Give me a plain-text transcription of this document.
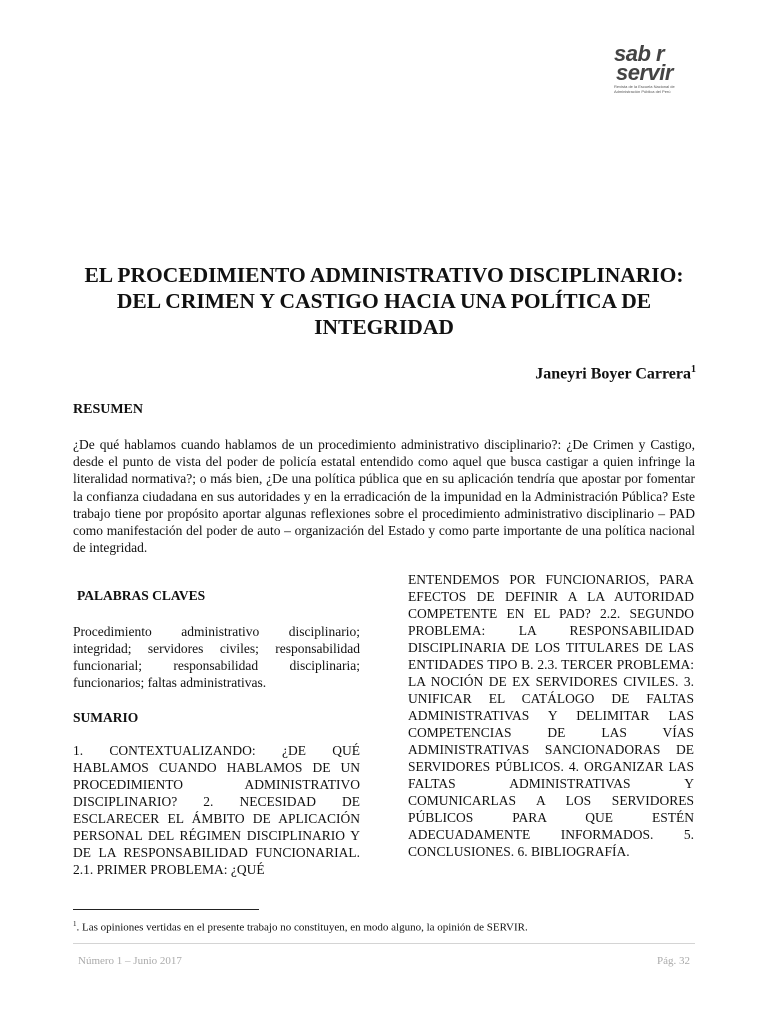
sab r
servir
Revista de la Escuela Nacional de Administración Pública del Perú
EL PROCEDIMIENTO ADMINISTRATIVO DISCIPLINARIO: DEL CRIMEN Y CASTIGO HACIA UNA POLÍTICA DE INTEGRIDAD

Janeyri Boyer Carrera$^1$

RESUMEN

¿De qué hablamos cuando hablamos de un procedimiento administrativo disciplinario?: ¿De Crimen y Castigo, desde el punto de vista del poder de policía estatal entendido como aquel que busca castigar a quien infringe la literalidad normativa?; o más bien, ¿De una política pública que en su aplicación tendría que apostar por fomentar la confianza ciudadana en sus autoridades y en la erradicación de la impunidad en la Administración Pública? Este trabajo tiene por propósito aportar algunas reflexiones sobre el procedimiento administrativo disciplinario – PAD como manifestación del poder de auto – organización del Estado y como parte importante de una política nacional de integridad.

PALABRAS CLAVES

Procedimiento administrativo disciplinario; integridad; servidores civiles; responsabilidad funcionarial; responsabilidad disciplinaria; funcionarios; faltas administrativas.

SUMARIO

1. CONTEXTUALIZANDO: ¿DE QUÉ HABLAMOS CUANDO HABLAMOS DE UN PROCEDIMIENTO ADMINISTRATIVO DISCIPLINARIO? 2. NECESIDAD DE ESCLARECER EL ÁMBITO DE APLICACIÓN PERSONAL DEL RÉGIMEN DISCIPLINARIO Y DE LA RESPONSABILIDAD FUNCIONARIAL. 2.1. PRIMER PROBLEMA: ¿QUÉ

ENTENDEMOS POR FUNCIONARIOS, PARA EFECTOS DE DEFINIR A LA AUTORIDAD COMPETENTE EN EL PAD? 2.2. SEGUNDO PROBLEMA: LA RESPONSABILIDAD DISCIPLINARIA DE LOS TITULARES DE LAS ENTIDADES TIPO B. 2.3. TERCER PROBLEMA: LA NOCIÓN DE EX SERVIDORES CIVILES. 3. UNIFICAR EL CATÁLOGO DE FALTAS ADMINISTRATIVAS Y DELIMITAR LAS COMPETENCIAS DE LAS VÍAS ADMINISTRATIVAS SANCIONADORAS DE SERVIDORES PÚBLICOS. 4. ORGANIZAR LAS FALTAS ADMINISTRATIVAS Y COMUNICARLAS A LOS SERVIDORES PÚBLICOS PARA QUE ESTÉN ADECUADAMENTE INFORMADOS. 5. CONCLUSIONES. 6. BIBLIOGRAFÍA.

$^1$. Las opiniones vertidas en el presente trabajo no constituyen, en modo alguno, la opinión de SERVIR.

Número 1 – Junio 2017	Pág. 32
